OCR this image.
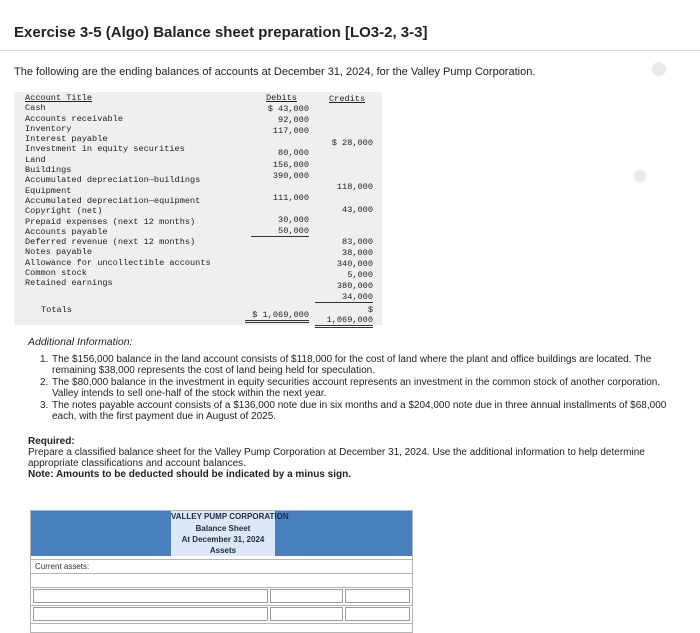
Exercise 3-5 (Algo) Balance sheet preparation [LO3-2, 3-3]
The following are the ending balances of accounts at December 31, 2024, for the Valley Pump Corporation.
Account Title
Cash
Accounts receivable
Inventory
Interest payable
Investment in equity securities
Land
Buildings
Accumulated depreciation—buildings
Equipment
Accumulated depreciation—equipment
Copyright (net)
Prepaid expenses (next 12 months)
Accounts payable
Deferred revenue (next 12 months)
Notes payable
Allowance for uncollectible accounts
Common stock
Retained earnings
Debits
$ 43,000
92,000
117,000
80,000
156,000
390,000
111,000
30,000
50,000
Credits
$ 28,000
118,000
43,000
83,000
38,000
340,000
5,000
380,000
34,000
Totals	$ 1,069,000	$
1,069,000
Additional Information:
1. The $156,000 balance in the land account consists of $118,000 for the cost of land where the plant and office buildings are located. The remaining $38,000 represents the cost of land being held for speculation.
2. The $80,000 balance in the investment in equity securities account represents an investment in the common stock of another corporation. Valley intends to sell one-half of the stock within the next year.
3. The notes payable account consists of a $136,000 note due in six months and a $204,000 note due in three annual installments of $68,000 each, with the first payment due in August of 2025.
Required:
Prepare a classified balance sheet for the Valley Pump Corporation at December 31, 2024. Use the additional information to help determine appropriate classifications and account balances.
Note: Amounts to be deducted should be indicated by a minus sign.
VALLEY PUMP CORPORATION
Balance Sheet
At December 31, 2024
Assets
Current assets:
